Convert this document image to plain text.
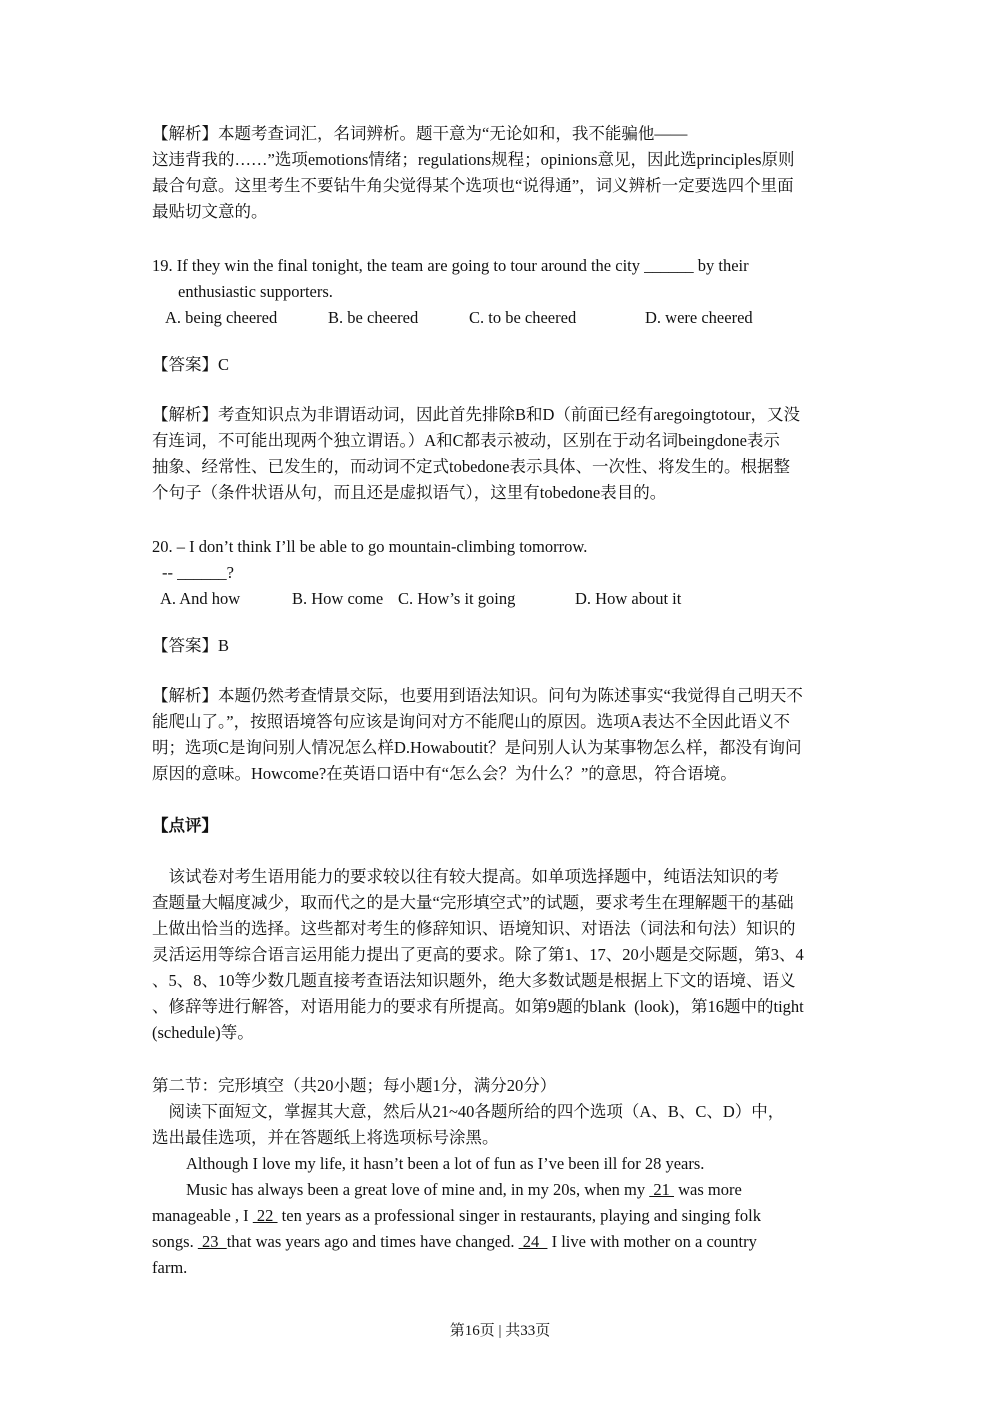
【解析】本题考查词汇，名词辨析。题干意为“无论如和，我不能骗他——
这违背我的……”选项emotions情绪；regulations规程；opinions意见，因此选principles原则
最合句意。这里考生不要钻牛角尖觉得某个选项也“说得通”，词义辨析一定要选四个里面
最贴切文意的。
19. If they win the final tonight, the team are going to tour around the city ______ by their
enthusiastic supporters.
A. being cheered	B. be cheered	C. to be cheered	D. were cheered
【答案】C
【解析】考查知识点为非谓语动词，因此首先排除B和D（前面已经有aregoingtotour，又没
有连词，不可能出现两个独立谓语。）A和C都表示被动，区别在于动名词beingdone表示
抽象、经常性、已发生的，而动词不定式tobedone表示具体、一次性、将发生的。根据整
个句子（条件状语从句，而且还是虚拟语气），这里有tobedone表目的。
20. – I don’t think I’ll be able to go mountain-climbing tomorrow.
-- ______?
A. And how	B. How come C. How’s it going	D. How about it
【答案】B
【解析】本题仍然考查情景交际，也要用到语法知识。问句为陈述事实“我觉得自己明天不
能爬山了。”，按照语境答句应该是询问对方不能爬山的原因。选项A表达不全因此语义不
明；选项C是询问别人情况怎么样D.Howaboutit？是问别人认为某事物怎么样，都没有询问
原因的意味。Howcome?在英语口语中有“怎么会？为什么？”的意思，符合语境。
【点评】
该试卷对考生语用能力的要求较以往有较大提高。如单项选择题中，纯语法知识的考
查题量大幅度减少，取而代之的是大量“完形填空式”的试题，要求考生在理解题干的基础
上做出恰当的选择。这些都对考生的修辞知识、语境知识、对语法（词法和句法）知识的
灵活运用等综合语言运用能力提出了更高的要求。除了第1、17、20小题是交际题，第3、4
、5、8、10等少数几题直接考查语法知识题外，绝大多数试题是根据上下文的语境、语义
、修辞等进行解答，对语用能力的要求有所提高。如第9题的blank  (look)，第16题中的tight
(schedule)等。
第二节：完形填空（共20小题；每小题1分，满分20分）
阅读下面短文，掌握其大意，然后从21~40各题所给的四个选项（A、B、C、D）中，
选出最佳选项，并在答题纸上将选项标号涂黑。
Although I love my life, it hasn’t been a lot of fun as I’ve been ill for 28 years.
Music has always been a great love of mine and, in my 20s, when my  21  was more
manageable , I  22  ten years as a professional singer in restaurants, playing and singing folk
songs.  23  that was years ago and times have changed.  24   I live with mother on a country
farm.
第16页 | 共33页
